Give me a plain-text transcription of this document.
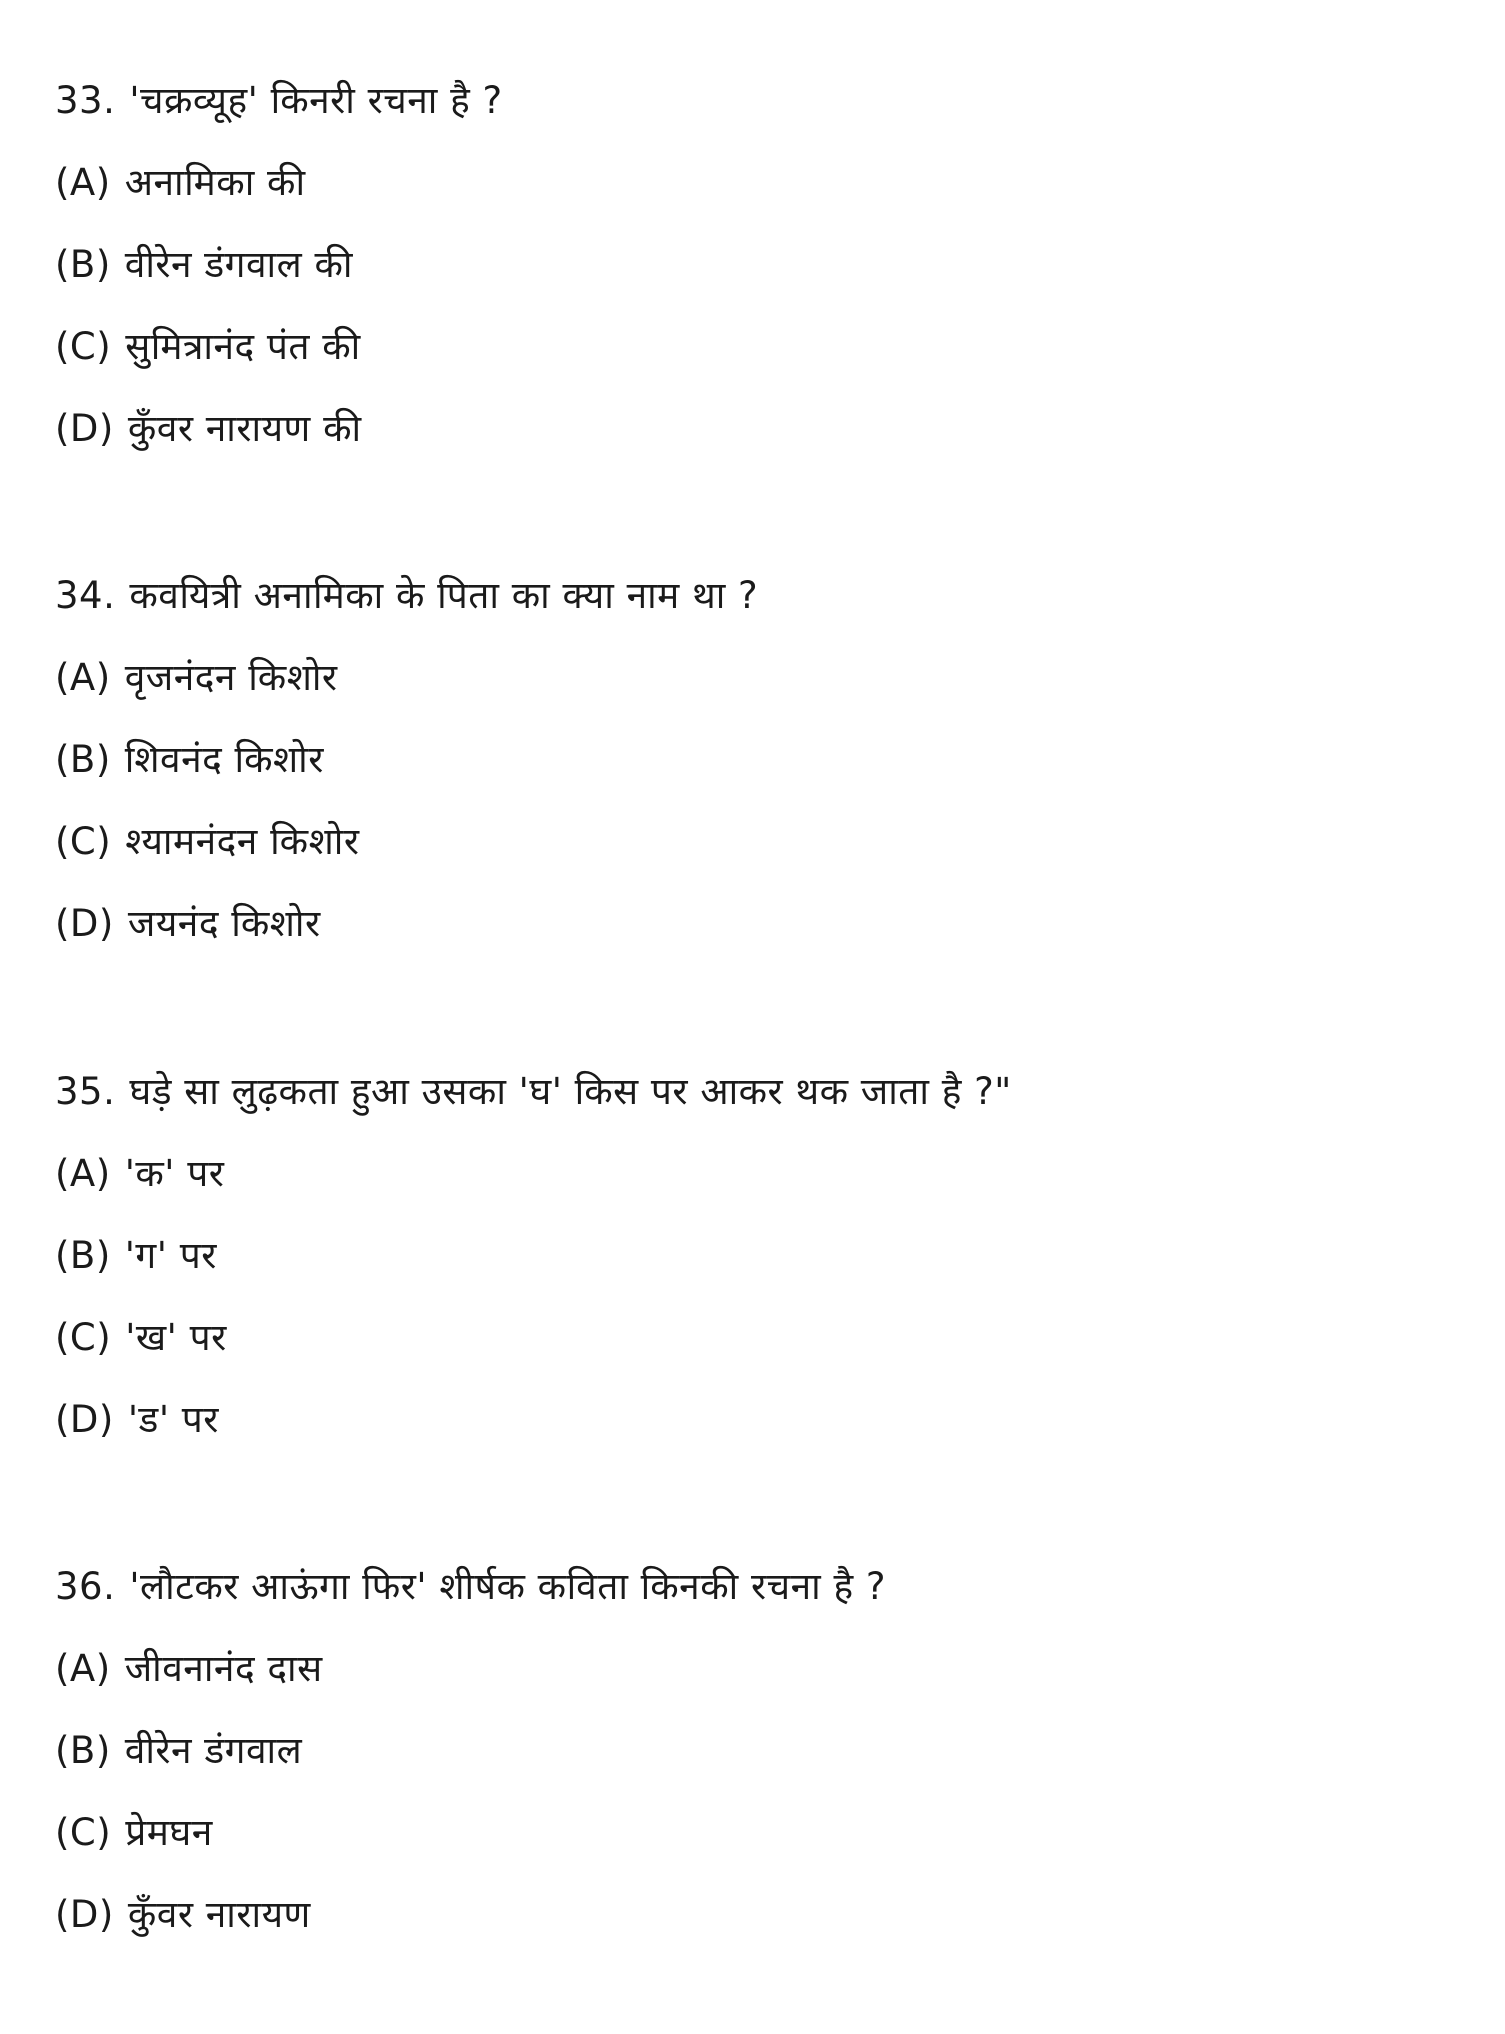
33. 'चक्रव्यूह' किनरी रचना है ?
(A) अनामिका की
(B) वीरेन डंगवाल की
(C) सुमित्रानंद पंत की
(D) कुँवर नारायण की
34. कवयित्री अनामिका के पिता का क्या नाम था ?
(A) वृजनंदन किशोर
(B) शिवनंद किशोर
(C) श्यामनंदन किशोर
(D) जयनंद किशोर
35. घड़े सा लुढ़कता हुआ उसका 'घ' किस पर आकर थक जाता है ?"
(A) 'क' पर
(B) 'ग' पर
(C) 'ख' पर
(D) 'ड' पर
36. 'लौटकर आऊंगा फिर' शीर्षक कविता किनकी रचना है ?
(A) जीवनानंद दास
(B) वीरेन डंगवाल
(C) प्रेमघन
(D) कुँवर नारायण
